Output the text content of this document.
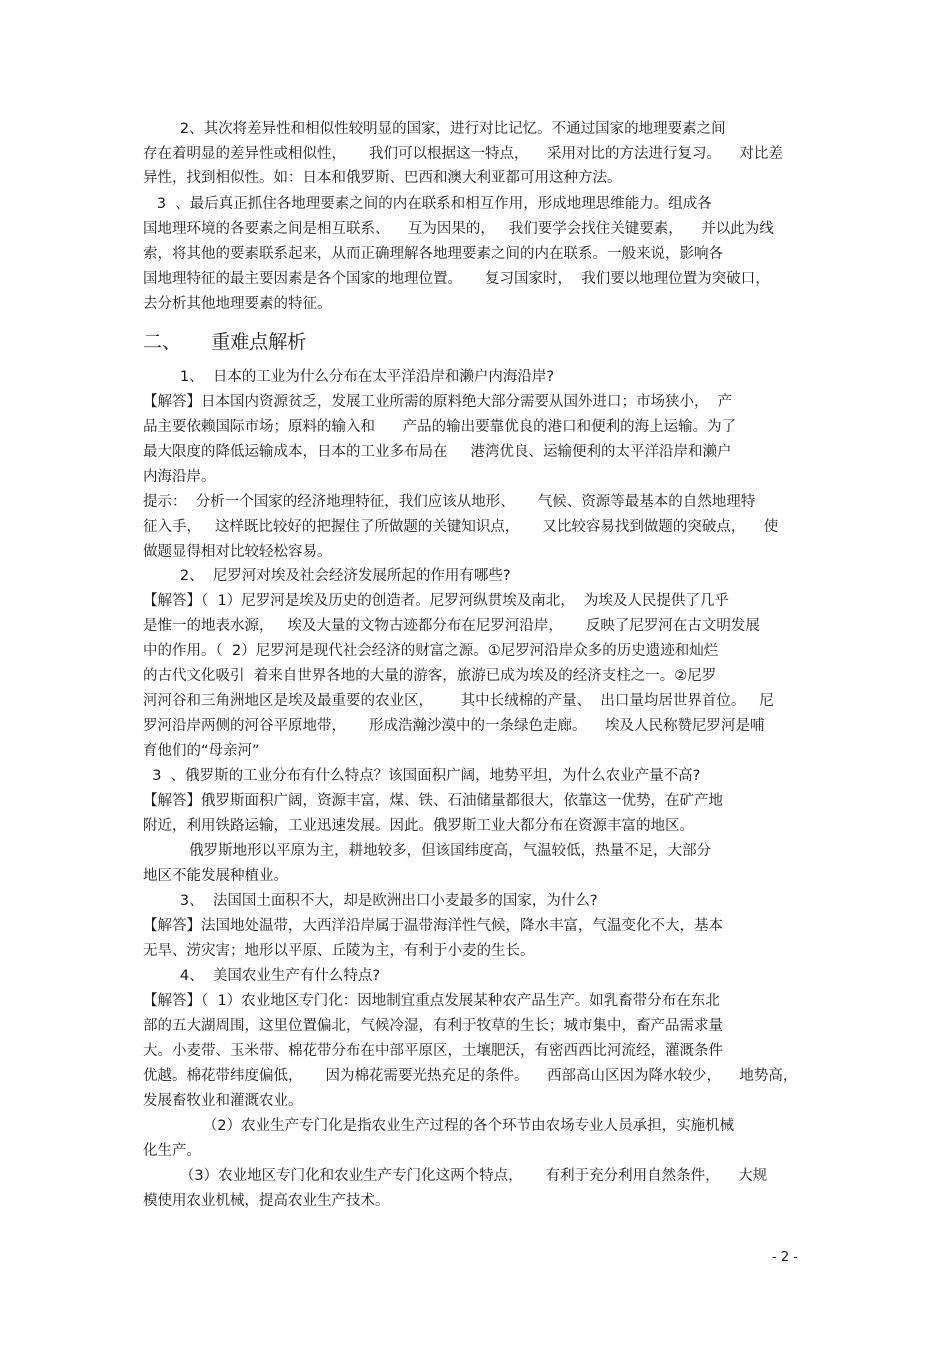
2、其次将差异性和相似性较明显的国家，进行对比记忆。不通过国家的地理要素之间

存在着明显的差异性或相似性，     我们可以根据这一特点，    采用对比的方法进行复习。    对比差

异性，找到相似性。如：日本和俄罗斯、巴西和澳大利亚都可用这种方法。

3  、最后真正抓住各地理要素之间的内在联系和相互作用，形成地理思维能力。组成各

国地理环境的各要素之间是相互联系、    互为因果的，   我们要学会找住关键要素，    并以此为线

索，将其他的要素联系起来，从而正确理解各地理要素之间的内在联系。一般来说，影响各

国地理特征的最主要因素是各个国家的地理位置。     复习国家时，  我们要以地理位置为突破口，

去分析其他地理要素的特征。

二、     重难点解析

1、  日本的工业为什么分布在太平洋沿岸和濑户内海沿岸?

【解答】日本国内资源贫乏，发展工业所需的原料绝大部分需要从国外进口；市场狭小，  产

品主要依赖国际市场；原料的输入和      产品的输出要靠优良的港口和便利的海上运输。为了

最大限度的降低运输成本，日本的工业多布局在     港湾优良、运输便利的太平洋沿岸和濑户

内海沿岸。

提示：  分析一个国家的经济地理特征，我们应该从地形、     气候、资源等最基本的自然地理特

征入手，   这样既比较好的把握住了所做题的关键知识点，     又比较容易找到做题的突破点，    使

做题显得相对比较轻松容易。

2、  尼罗河对埃及社会经济发展所起的作用有哪些?

【解答】（  1）尼罗河是埃及历史的创造者。尼罗河纵贯埃及南北，  为埃及人民提供了几乎

是惟一的地表水源，   埃及大量的文物古迹都分布在尼罗河沿岸，     反映了尼罗河在古文明发展

中的作用。（  2）尼罗河是现代社会经济的财富之源。①尼罗河沿岸众多的历史遗迹和灿烂

的古代文化吸引  着来自世界各地的大量的游客，旅游已成为埃及的经济支柱之一。②尼罗

河河谷和三角洲地区是埃及最重要的农业区，      其中长绒棉的产量、  出口量均居世界首位。   尼

罗河沿岸两侧的河谷平原地带，     形成浩瀚沙漠中的一条绿色走廊。    埃及人民称赞尼罗河是哺

育他们的“母亲河”

3  、俄罗斯的工业分布有什么特点？该国面积广阔，地势平坦，为什么农业产量不高?

【解答】俄罗斯面积广阔，资源丰富，煤、铁、石油储量都很大，依靠这一优势，在矿产地

附近，利用铁路运输，工业迅速发展。因此。俄罗斯工业大都分布在资源丰富的地区。

俄罗斯地形以平原为主，耕地较多，但该国纬度高，气温较低，热量不足，大部分

地区不能发展种植业。

3、  法国国土面积不大，却是欧洲出口小麦最多的国家，为什么?

【解答】法国地处温带，大西洋沿岸属于温带海洋性气候，降水丰富，气温变化不大，基本

无旱、涝灾害；地形以平原、丘陵为主，有利于小麦的生长。

4、  美国农业生产有什么特点?

【解答】（  1）农业地区专门化：因地制宜重点发展某种农产品生产。如乳畜带分布在东北

部的五大湖周围，这里位置偏北，气候冷湿，有利于牧草的生长；城市集中，畜产品需求量

大。小麦带、玉米带、棉花带分布在中部平原区，土壤肥沃，有密西西比河流经，灌溉条件

优越。棉花带纬度偏低，     因为棉花需要光热充足的条件。    西部高山区因为降水较少，    地势高，

发展畜牧业和灌溉农业。

（2）农业生产专门化是指农业生产过程的各个环节由农场专业人员承担，实施机械

化生产。

（3）农业地区专门化和农业生产专门化这两个特点，     有利于充分利用自然条件，    大规

模使用农业机械，提高农业生产技术。

- 2 -
